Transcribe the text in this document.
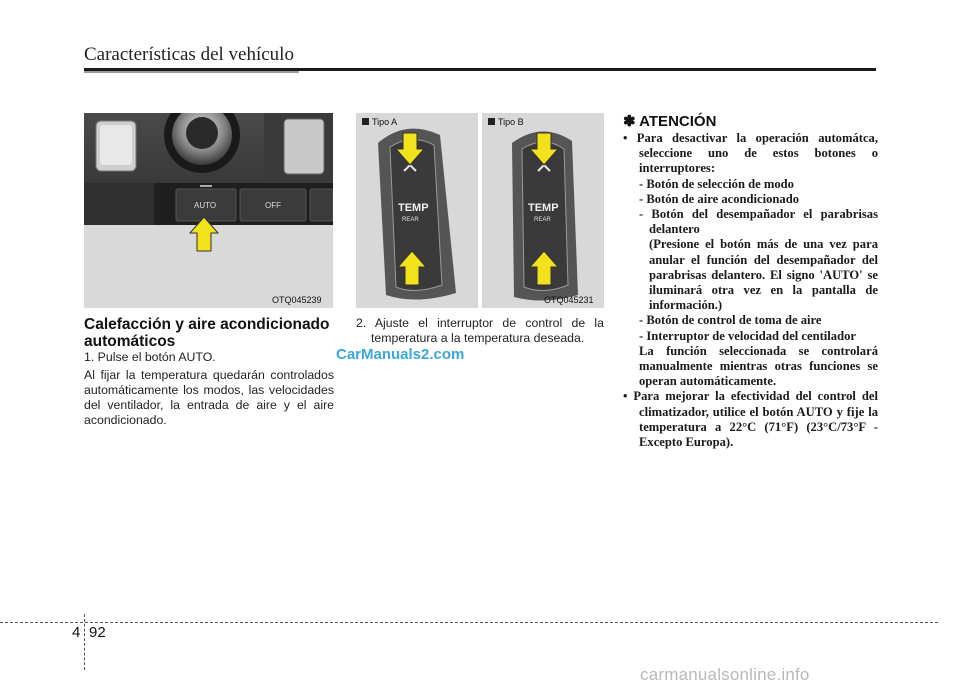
Características del vehículo
AUTO	OFF
OTQ045239
Tipo A
TEMP
REAR
Tipo B
TEMP
REAR
OTQ045231
Calefacción y aire acondicionado automáticos
1. Pulse el botón AUTO.
Al fijar la temperatura quedarán controlados automáticamente los modos, las velocidades del ventilador, la entrada de aire y el aire acondicionado.
2. Ajuste el interruptor de control de la temperatura a la temperatura deseada.
CarManuals2.com
✽ ATENCIÓN
• Para desactivar la operación automátca, seleccione uno de estos botones o interruptores:
- Botón de selección de modo
- Botón de aire acondicionado
- Botón del desempañador el parabrisas delantero
(Presione el botón más de una vez para anular el función del desempañador del parabrisas delantero. El signo 'AUTO' se iluminará otra vez en la pantalla de información.)
- Botón de control de toma de aire
- Interruptor de velocidad del centilador
La función seleccionada se controlará manualmente mientras otras funciones se operan automáticamente.
• Para mejorar la efectividad del control del climatizador, utilice el botón AUTO y fije la temperatura a 22°C (71°F) (23°C/73°F - Excepto Europa).
4 92
carmanualsonline.info
